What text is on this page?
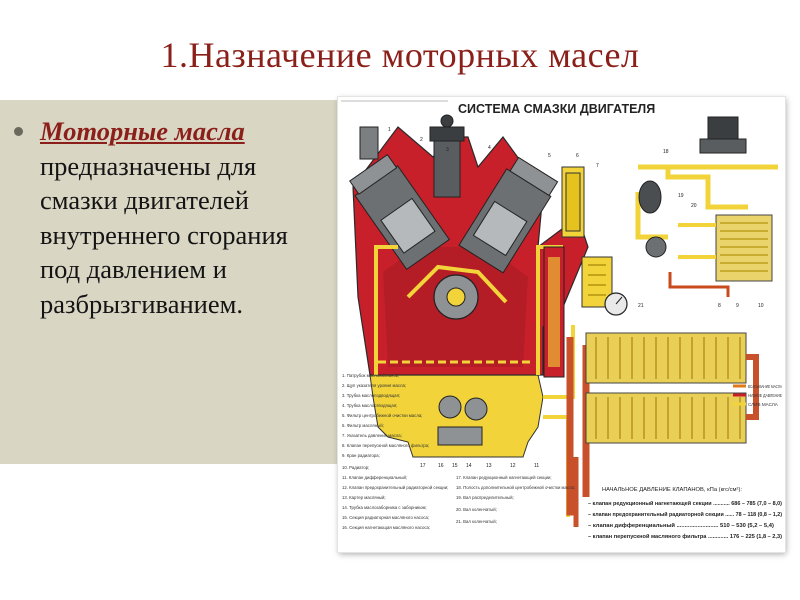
1.Назначение моторных масел
Моторные масла предназначены для смазки двигателей внутреннего сгорания под давлением и разбрызгиванием.
СИСТЕМА СМАЗКИ ДВИГАТЕЛЯ
ВСАСЫВАНИЕ МАСЛА
НИЗКОЕ ДАВЛЕНИЕ
СЛИВ МАСЛА
1
2
3	4
5	6
7
8	9	10
18
19
20
21
17 16 15 14	13	12	11
1. Патрубок маслоналивной;
2. Щуп указателя уровня масла;
3. Трубка маслоподводящая;
4. Трубка маслоотводящая;
5. Фильтр центробежной очистки масла;
6. Фильтр масляный;
7. Указатель давления масла;
8. Клапан перепускной масляного фильтра;
9. Кран радиатора;
10. Радиатор;
11. Клапан дифференциальный;
12. Клапан предохранительный радиаторной секции;
13. Картер масляный;
14. Трубка маслозаборника с заборником;
15. Секция радиаторная масляного насоса;
16. Секция нагнетающая масляного насоса;
17. Клапан редукционный нагнетающей секции;
18. Полость дополнительной центробежной очистки масла;
19. Вал распределительный;
20. Вал коленчатый;
21. Вал коленчатый;
НАЧАЛЬНОЕ ДАВЛЕНИЕ КЛАПАНОВ, кПа (кгс/см²):
– клапан редукционный нагнетающей секции ........... 686 – 785 (7,0 – 8,0)
– клапан предохранительный радиаторной секции ...... 78 – 118 (0,8 – 1,2)
– клапан дифференциальный .......................... 510 – 530 (5,2 – 5,4)
– клапан перепускной масляного фильтра ............. 176 – 225 (1,8 – 2,3)
